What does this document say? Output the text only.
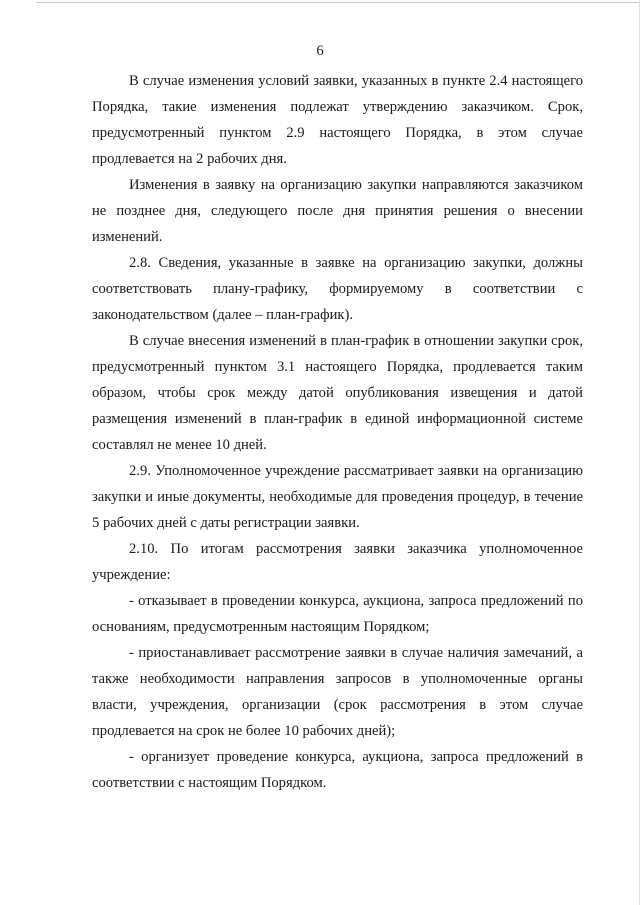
6

В случае изменения условий заявки, указанных в пункте 2.4 настоящего Порядка, такие изменения подлежат утверждению заказчиком. Срок, предусмотренный пунктом 2.9 настоящего Порядка, в этом случае продлевается на 2 рабочих дня.

Изменения в заявку на организацию закупки направляются заказчиком не позднее дня, следующего после дня принятия решения о внесении изменений.

2.8. Сведения, указанные в заявке на организацию закупки, должны соответствовать плану-графику, формируемому в соответствии с законодательством (далее – план-график).

В случае внесения изменений в план-график в отношении закупки срок, предусмотренный пунктом 3.1 настоящего Порядка, продлевается таким образом, чтобы срок между датой опубликования извещения и датой размещения изменений в план-график в единой информационной системе составлял не менее 10 дней.

2.9. Уполномоченное учреждение рассматривает заявки на организацию закупки и иные документы, необходимые для проведения процедур, в течение 5 рабочих дней с даты регистрации заявки.

2.10. По итогам рассмотрения заявки заказчика уполномоченное учреждение:

- отказывает в проведении конкурса, аукциона, запроса предложений по основаниям, предусмотренным настоящим Порядком;

- приостанавливает рассмотрение заявки в случае наличия замечаний, а также необходимости направления запросов в уполномоченные органы власти, учреждения, организации (срок рассмотрения в этом случае продлевается на срок не более 10 рабочих дней);

- организует проведение конкурса, аукциона, запроса предложений в соответствии с настоящим Порядком.
